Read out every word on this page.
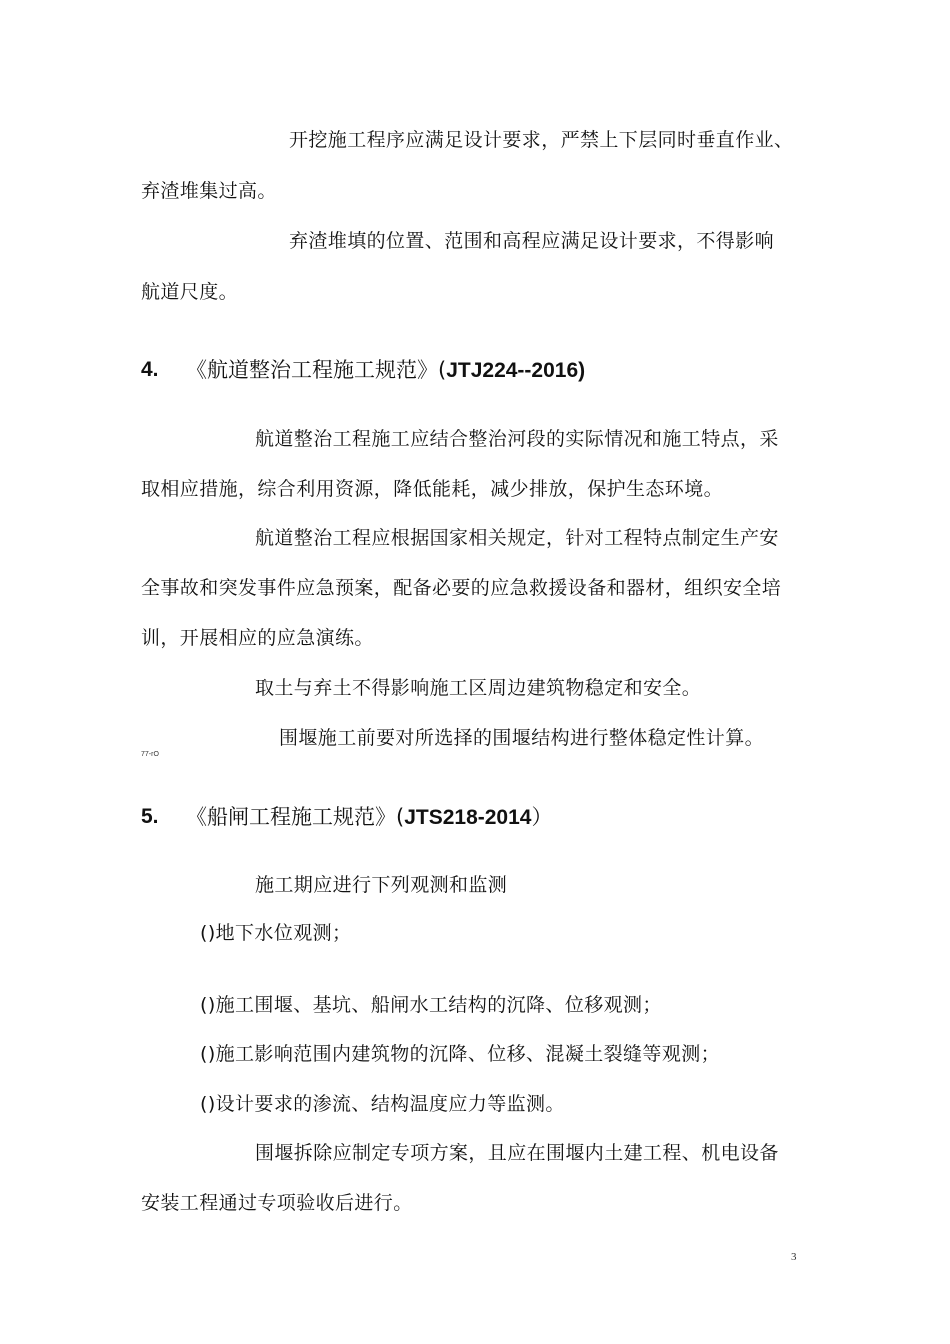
开挖施工程序应满足设计要求，严禁上下层同时垂直作业、
弃渣堆集过高。
弃渣堆填的位置、范围和高程应满足设计要求，不得影响
航道尺度。
4. 《航道整治工程施工规范》(JTJ224--2016)
航道整治工程施工应结合整治河段的实际情况和施工特点，采
取相应措施，综合利用资源，降低能耗，减少排放，保护生态环境。
航道整治工程应根据国家相关规定，针对工程特点制定生产安
全事故和突发事件应急预案，配备必要的应急救援设备和器材，组织安全培
训，开展相应的应急演练。
取土与弃土不得影响施工区周边建筑物稳定和安全。
围堰施工前要对所选择的围堰结构进行整体稳定性计算。
77-rO
5. 《船闸工程施工规范》(JTS218-2014）
施工期应进行下列观测和监测
()地下水位观测；
()施工围堰、基坑、船闸水工结构的沉降、位移观测；
()施工影响范围内建筑物的沉降、位移、混凝土裂缝等观测；
()设计要求的渗流、结构温度应力等监测。
围堰拆除应制定专项方案，且应在围堰内土建工程、机电设备
安装工程通过专项验收后进行。
3
